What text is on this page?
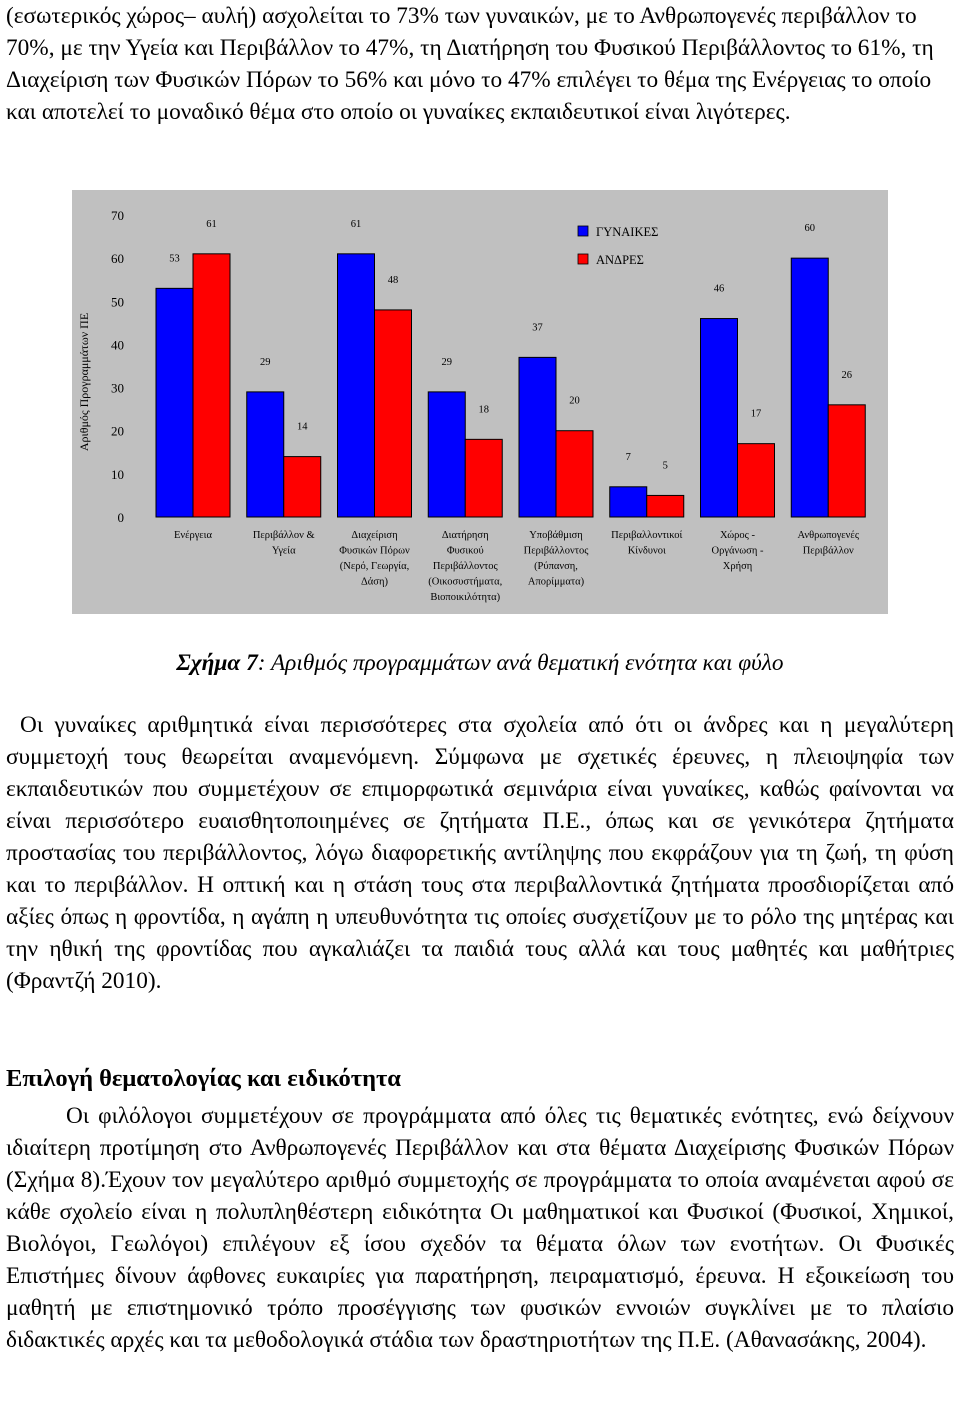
(εσωτερικός χώρος– αυλή) ασχολείται το 73% των γυναικών, με το Ανθρωπογενές περιβάλλον το 70%, με την Υγεία και Περιβάλλον το 47%, τη Διατήρηση του Φυσικού Περιβάλλοντος το 61%, τη Διαχείριση των Φυσικών Πόρων το 56% και μόνο το 47% επιλέγει το θέμα της Ενέργειας το οποίο και αποτελεί το μοναδικό θέμα στο οποίο οι γυναίκες εκπαιδευτικοί είναι λιγότερες.

Αριθμός Προγραμμάτων ΠΕ
0
10
20
30
40
50
60
70
53
29
61
29
37
7
46
60
61
14
48
18
20
5
17
26
Ενέργεια	Περιβάλλον & Υγεία
Διαχείριση Φυσικών Πόρων (Νερό, Γεωργία, Δάση)
Διατήρηση Φυσικού Περιβάλλοντος (Οικοσυστήματα, Βιοποικιλότητα)
Υποβάθμιση Περιβάλλοντος (Ρύπανση, Απορίμματα)
Περιβαλλοντικοί Κίνδυνοι
Χώρος -Οργάνωση -Χρήση
Ανθρωπογενές Περιβάλλον
ΓΥΝΑΙΚΕΣ
ΑΝΔΡΕΣ

Σχήμα 7: Αριθμός προγραμμάτων ανά θεματική ενότητα και φύλο

Οι γυναίκες αριθμητικά είναι περισσότερες στα σχολεία από ότι οι άνδρες και η μεγαλύτερη συμμετοχή τους θεωρείται αναμενόμενη. Σύμφωνα με σχετικές έρευνες, η πλειοψηφία των εκπαιδευτικών που συμμετέχουν σε επιμορφωτικά σεμινάρια είναι γυναίκες, καθώς φαίνονται να είναι περισσότερο ευαισθητοποιημένες σε ζητήματα Π.Ε., όπως και σε γενικότερα ζητήματα προστασίας του περιβάλλοντος, λόγω διαφορετικής αντίληψης που εκφράζουν για τη ζωή, τη φύση και το περιβάλλον. Η οπτική και η στάση τους στα περιβαλλοντικά ζητήματα προσδιορίζεται από αξίες όπως η φροντίδα, η αγάπη η υπευθυνότητα τις οποίες συσχετίζουν με το ρόλο της μητέρας και την ηθική της φροντίδας που αγκαλιάζει τα παιδιά τους αλλά και τους μαθητές και μαθήτριες (Φραντζή 2010).

Επιλογή θεματολογίας και ειδικότητα

Οι φιλόλογοι συμμετέχουν σε προγράμματα από όλες τις θεματικές ενότητες, ενώ δείχνουν ιδιαίτερη προτίμηση στο Ανθρωπογενές Περιβάλλον και στα θέματα Διαχείρισης Φυσικών Πόρων (Σχήμα 8).Έχουν τον μεγαλύτερο αριθμό συμμετοχής σε προγράμματα το οποία αναμένεται αφού σε κάθε σχολείο είναι η πολυπληθέστερη ειδικότητα Οι μαθηματικοί και Φυσικοί (Φυσικοί, Χημικοί, Βιολόγοι, Γεωλόγοι) επιλέγουν εξ ίσου σχεδόν τα θέματα όλων των ενοτήτων. Οι Φυσικές Επιστήμες δίνουν άφθονες ευκαιρίες για παρατήρηση, πειραματισμό, έρευνα. Η εξοικείωση του μαθητή με επιστημονικό τρόπο προσέγγισης των φυσικών εννοιών συγκλίνει με το πλαίσιο διδακτικές αρχές και τα μεθοδολογικά στάδια των δραστηριοτήτων της Π.Ε. (Αθανασάκης, 2004).
